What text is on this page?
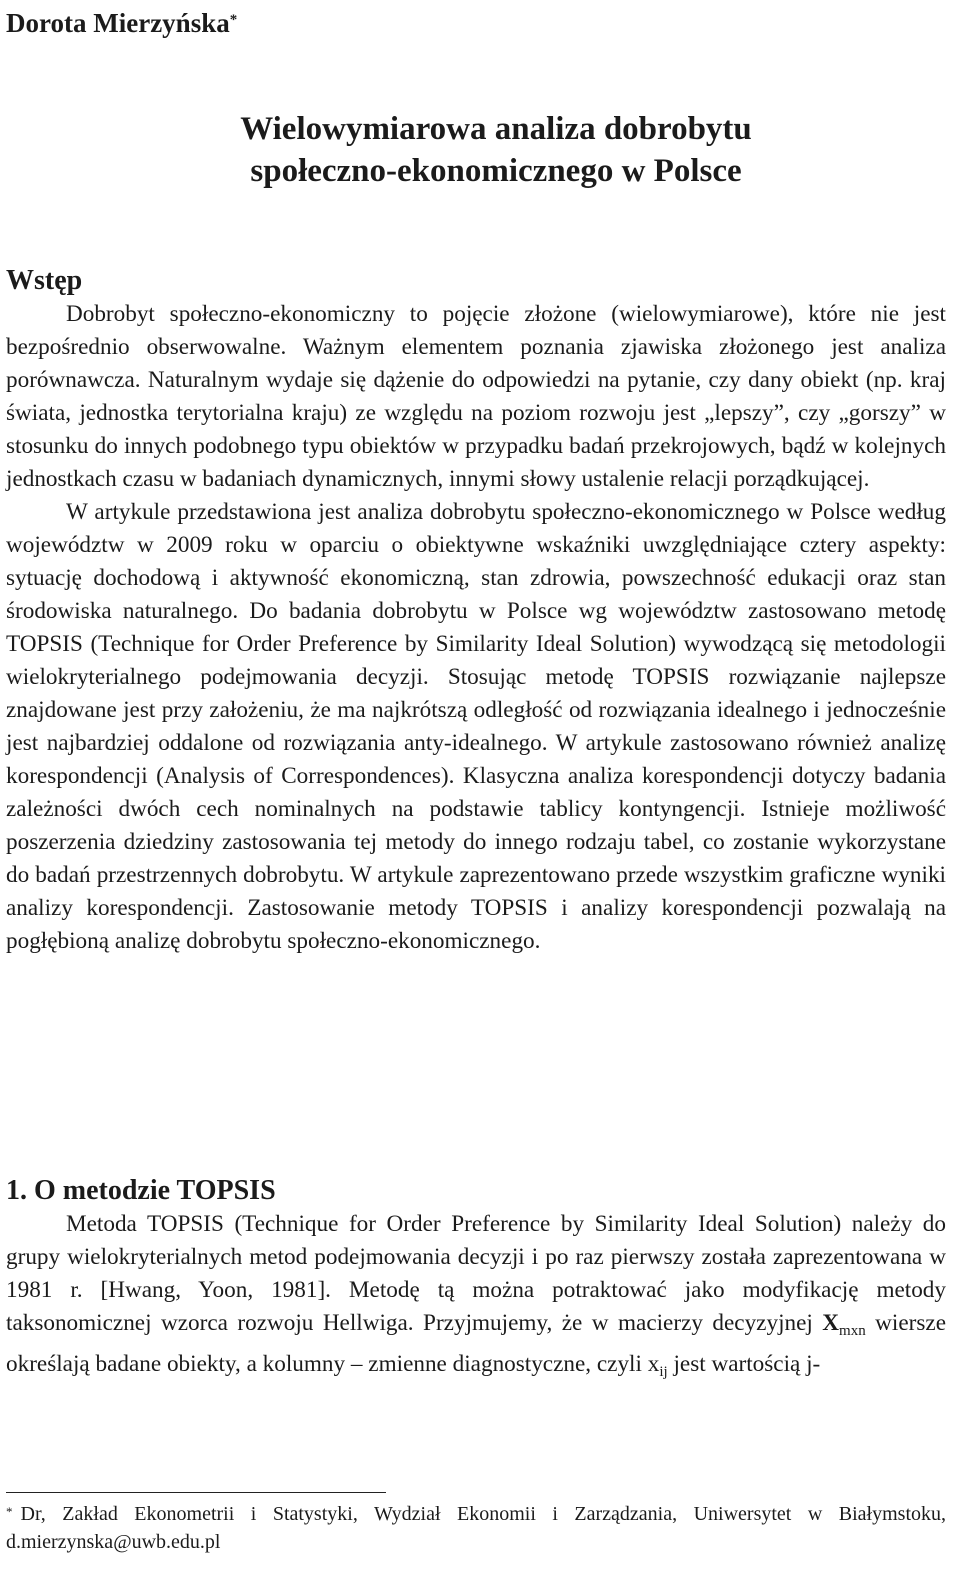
Dorota Mierzyńska*
Wielowymiarowa analiza dobrobytu
społeczno-ekonomicznego w Polsce
Wstęp

Dobrobyt społeczno-ekonomiczny to pojęcie złożone (wielowymiarowe), które nie jest bezpośrednio obserwowalne. Ważnym elementem poznania zjawiska złożonego jest analiza porównawcza. Naturalnym wydaje się dążenie do odpowiedzi na pytanie, czy dany obiekt (np. kraj świata, jednostka terytorialna kraju) ze względu na poziom rozwoju jest „lepszy”, czy „gorszy” w stosunku do innych podobnego typu obiektów w przypadku badań przekrojowych, bądź w kolejnych jednostkach czasu w badaniach dynamicznych, innymi słowy ustalenie relacji porządkującej.

W artykule przedstawiona jest analiza dobrobytu społeczno-ekonomicznego w Polsce według województw w 2009 roku w oparciu o obiektywne wskaźniki uwzględniające cztery aspekty: sytuację dochodową i aktywność ekonomiczną, stan zdrowia, powszechność edukacji oraz stan środowiska naturalnego. Do badania dobrobytu w Polsce wg województw zastosowano metodę TOPSIS (Technique for Order Preference by Similarity Ideal Solution) wywodzącą się metodologii wielokryterialnego podejmowania decyzji. Stosując metodę TOPSIS rozwiązanie najlepsze znajdowane jest przy założeniu, że ma najkrótszą odległość od rozwiązania idealnego i jednocześnie jest najbardziej oddalone od rozwiązania anty-idealnego. W artykule zastosowano również analizę korespondencji (Analysis of Correspondences). Klasyczna analiza korespondencji dotyczy badania zależności dwóch cech nominalnych na podstawie tablicy kontyngencji. Istnieje możliwość poszerzenia dziedziny zastosowania tej metody do innego rodzaju tabel, co zostanie wykorzystane do badań przestrzennych dobrobytu. W artykule zaprezentowano przede wszystkim graficzne wyniki analizy korespondencji. Zastosowanie metody TOPSIS i analizy korespondencji pozwalają na pogłębioną analizę dobrobytu społeczno-ekonomicznego.

1. O metodzie TOPSIS

Metoda TOPSIS (Technique for Order Preference by Similarity Ideal Solution) należy do grupy wielokryterialnych metod podejmowania decyzji i po raz pierwszy została zaprezentowana w 1981 r. [Hwang, Yoon, 1981]. Metodę tą można potraktować jako modyfikację metody taksonomicznej wzorca rozwoju Hellwiga. Przyjmujemy, że w macierzy decyzyjnej $X_{mxn}$ wiersze określają badane obiekty, a kolumny – zmienne diagnostyczne, czyli $x_{ij}$ jest wartością j-

* Dr, Zakład Ekonometrii i Statystyki, Wydział Ekonomii i Zarządzania, Uniwersytet w Białymstoku, d.mierzynska@uwb.edu.pl
